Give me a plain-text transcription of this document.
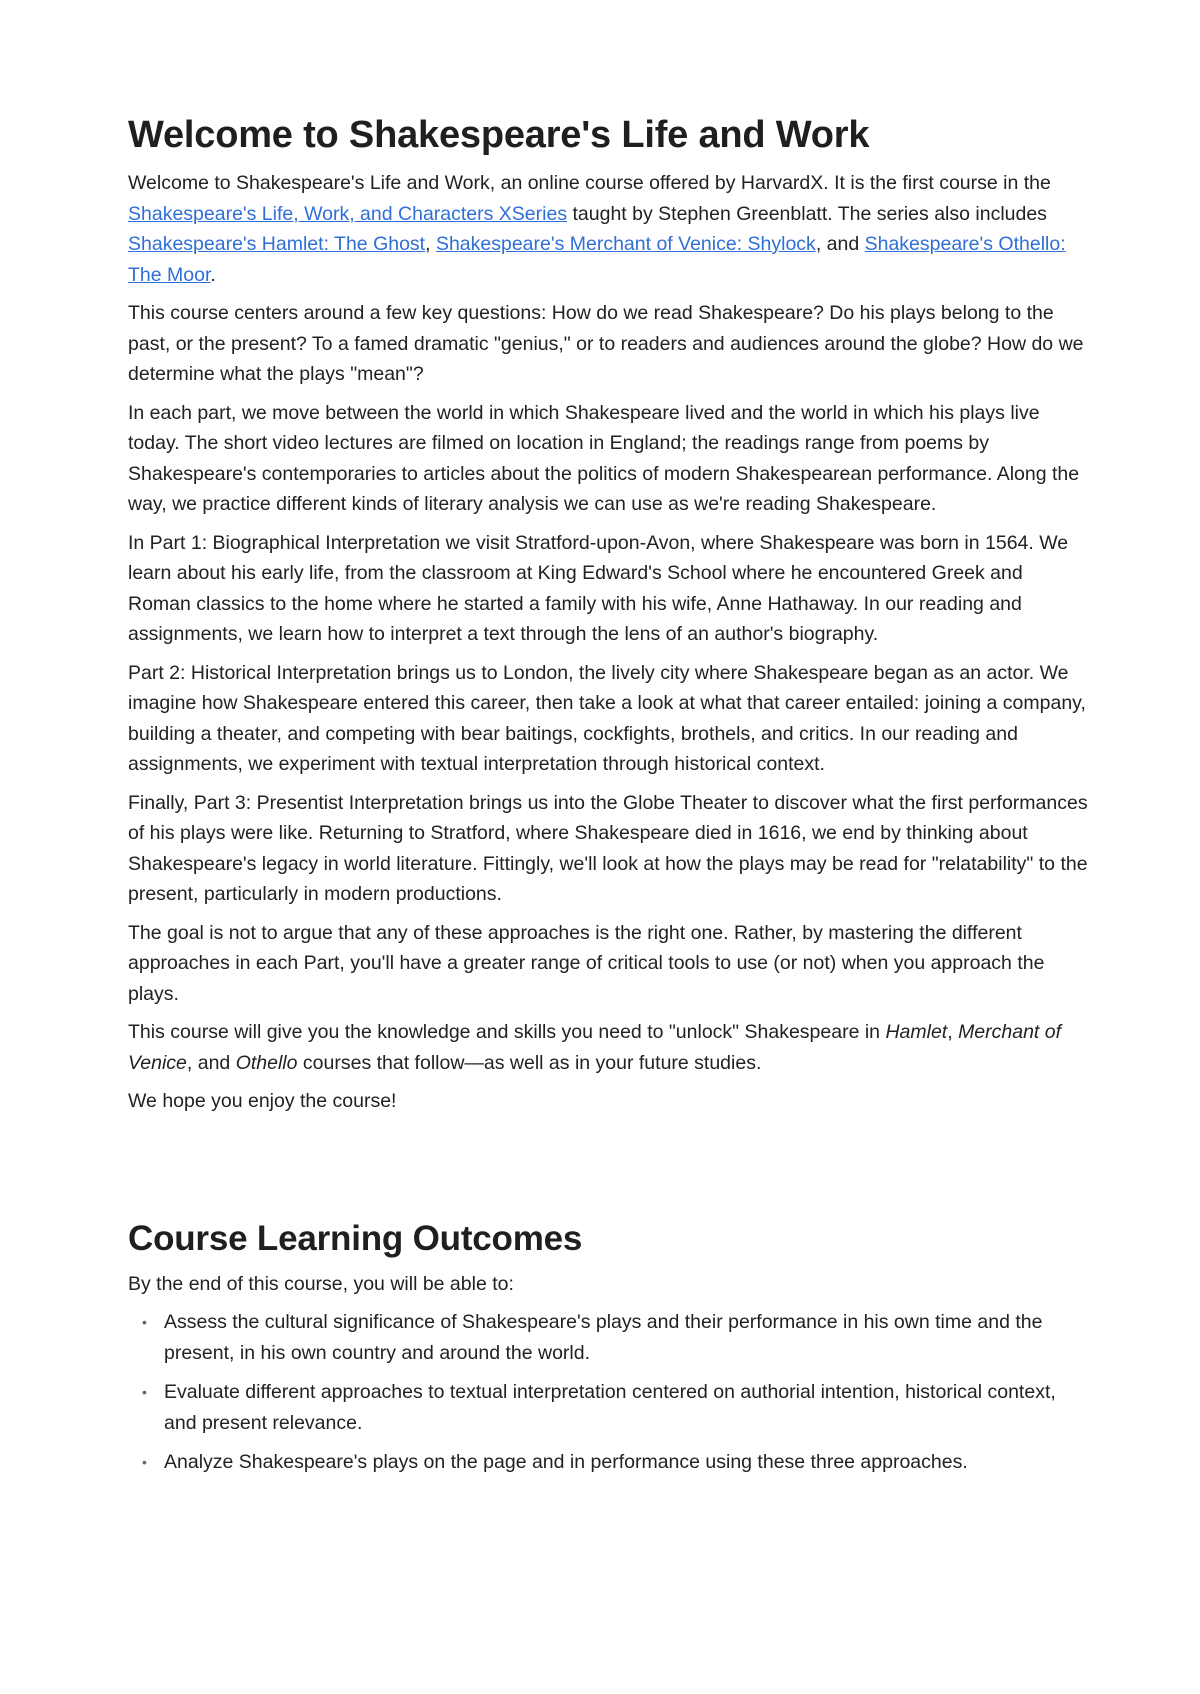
Welcome to Shakespeare's Life and Work

Welcome to Shakespeare's Life and Work, an online course offered by HarvardX. It is the first course in the Shakespeare's Life, Work, and Characters XSeries taught by Stephen Greenblatt. The series also includes Shakespeare's Hamlet: The Ghost, Shakespeare's Merchant of Venice: Shylock, and Shakespeare's Othello: The Moor.

This course centers around a few key questions: How do we read Shakespeare? Do his plays belong to the past, or the present? To a famed dramatic "genius," or to readers and audiences around the globe? How do we determine what the plays "mean"?

In each part, we move between the world in which Shakespeare lived and the world in which his plays live today. The short video lectures are filmed on location in England; the readings range from poems by Shakespeare's contemporaries to articles about the politics of modern Shakespearean performance. Along the way, we practice different kinds of literary analysis we can use as we're reading Shakespeare.

In Part 1: Biographical Interpretation we visit Stratford-upon-Avon, where Shakespeare was born in 1564. We learn about his early life, from the classroom at King Edward's School where he encountered Greek and Roman classics to the home where he started a family with his wife, Anne Hathaway. In our reading and assignments, we learn how to interpret a text through the lens of an author's biography.

Part 2: Historical Interpretation brings us to London, the lively city where Shakespeare began as an actor. We imagine how Shakespeare entered this career, then take a look at what that career entailed: joining a company, building a theater, and competing with bear baitings, cockfights, brothels, and critics. In our reading and assignments, we experiment with textual interpretation through historical context.

Finally, Part 3: Presentist Interpretation brings us into the Globe Theater to discover what the first performances of his plays were like. Returning to Stratford, where Shakespeare died in 1616, we end by thinking about Shakespeare's legacy in world literature. Fittingly, we'll look at how the plays may be read for "relatability" to the present, particularly in modern productions.

The goal is not to argue that any of these approaches is the right one. Rather, by mastering the different approaches in each Part, you'll have a greater range of critical tools to use (or not) when you approach the plays.

This course will give you the knowledge and skills you need to "unlock" Shakespeare in Hamlet, Merchant of Venice, and Othello courses that follow—as well as in your future studies.

We hope you enjoy the course!

Course Learning Outcomes

By the end of this course, you will be able to:

• Assess the cultural significance of Shakespeare's plays and their performance in his own time and the present, in his own country and around the world.
• Evaluate different approaches to textual interpretation centered on authorial intention, historical context, and present relevance.
• Analyze Shakespeare's plays on the page and in performance using these three approaches.
